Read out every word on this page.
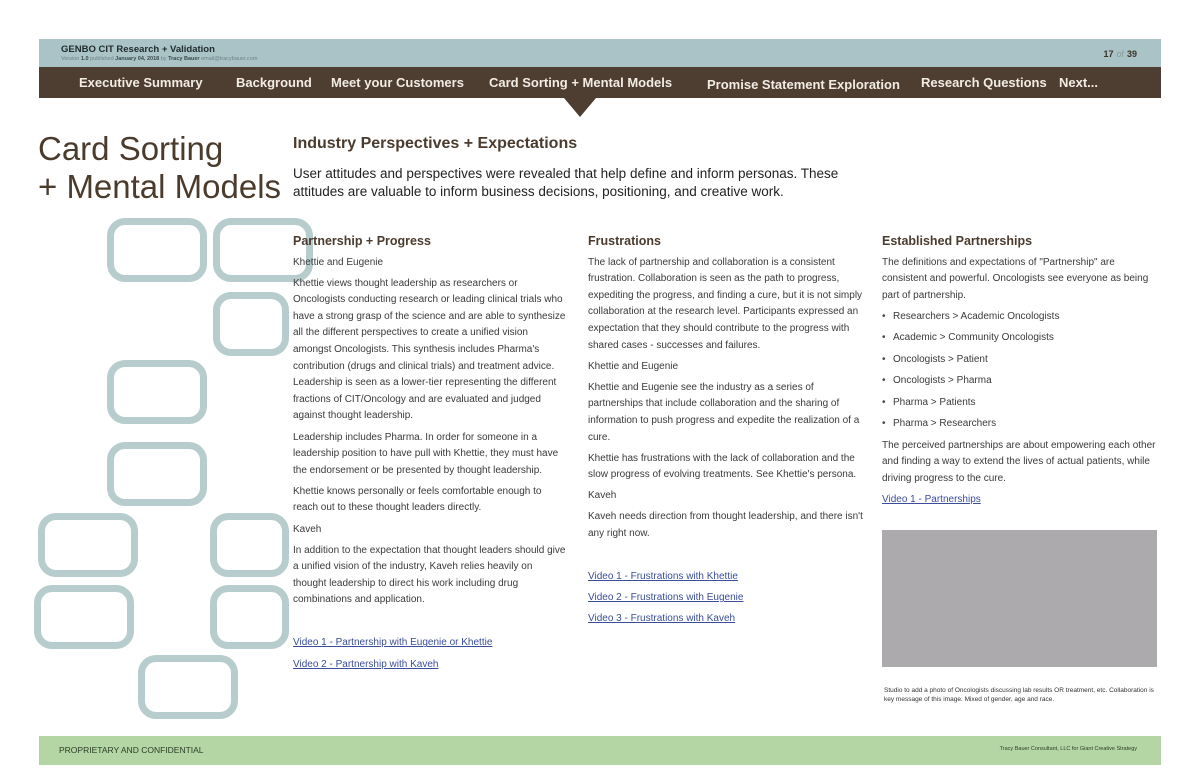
GENBO CIT Research + Validation
Version 1.0 published January 04, 2018 by Tracy Bauer email@tracybauer.com	17 of 39
Executive Summary	Background Meet your Customers Card Sorting + Mental Models	Promise Statement Exploration Research Questions Next...
Card Sorting
+ Mental Models
Industry Perspectives + Expectations
User attitudes and perspectives were revealed that help define and inform personas. These attitudes are valuable to inform business decisions, positioning, and creative work.
Partnership + Progress

Khettie and Eugenie

Khettie views thought leadership as researchers or Oncologists conducting research or leading clinical trials who have a strong grasp of the science and are able to synthesize all the different perspectives to create a unified vision amongst Oncologists. This synthesis includes Pharma's contribution (drugs and clinical trials) and treatment advice. Leadership is seen as a lower-tier representing the different fractions of CIT/Oncology and are evaluated and judged against thought leadership.

Leadership includes Pharma. In order for someone in a leadership position to have pull with Khettie, they must have the endorsement or be presented by thought leadership.

Khettie knows personally or feels comfortable enough to reach out to these thought leaders directly.

Kaveh

In addition to the expectation that thought leaders should give a unified vision of the industry, Kaveh relies heavily on thought leadership to direct his work including drug combinations and application.

Video 1 - Partnership with Eugenie or Khettie
Video 2 - Partnership with Kaveh
Frustrations

The lack of partnership and collaboration is a consistent frustration. Collaboration is seen as the path to progress, expediting the progress, and finding a cure, but it is not simply collaboration at the research level. Participants expressed an expectation that they should contribute to the progress with shared cases - successes and failures.

Khettie and Eugenie

Khettie and Eugenie see the industry as a series of partnerships that include collaboration and the sharing of information to push progress and expedite the realization of a cure.

Khettie has frustrations with the lack of collaboration and the slow progress of evolving treatments. See Khettie's persona.

Kaveh

Kaveh needs direction from thought leadership, and there isn't any right now.

Video 1 - Frustrations with Khettie
Video 2 - Frustrations with Eugenie
Video 3 - Frustrations with Kaveh
Established Partnerships

The definitions and expectations of "Partnership" are consistent and powerful. Oncologists see everyone as being part of partnership.

• Researchers > Academic Oncologists
• Academic > Community Oncologists
• Oncologists > Patient
• Oncologists > Pharma
• Pharma > Patients
• Pharma > Researchers

The perceived partnerships are about empowering each other and finding a way to extend the lives of actual patients, while driving progress to the cure.

Video 1 - Partnerships
Studio to add a photo of Oncologists discussing lab results OR treatment, etc. Collaboration is key message of this image. Mixed of gender, age and race.
PROPRIETARY AND CONFIDENTIAL	Tracy Bauer Consultant, LLC for Giant Creative Strategy
